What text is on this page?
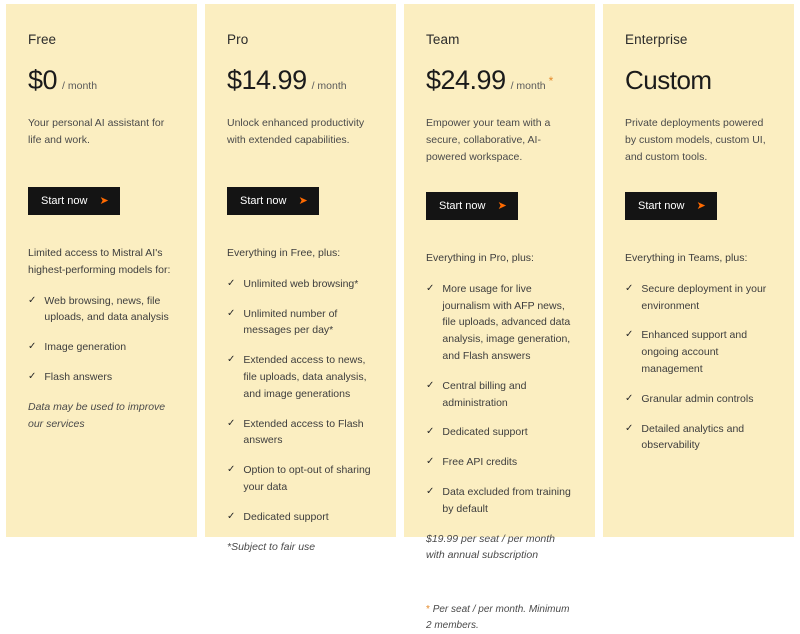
Free
$0 / month
Your personal AI assistant for life and work.
Start now ➤
Limited access to Mistral AI's highest-performing models for:
✓ Web browsing, news, file uploads, and data analysis
✓ Image generation
✓ Flash answers
Data may be used to improve our services
Pro
$14.99 / month
Unlock enhanced productivity with extended capabilities.
Start now ➤
Everything in Free, plus:
✓ Unlimited web browsing*
✓ Unlimited number of messages per day*
✓ Extended access to news, file uploads, data analysis, and image generations
✓ Extended access to Flash answers
✓ Option to opt-out of sharing your data
✓ Dedicated support
*Subject to fair use
Team
$24.99 / month *
Empower your team with a secure, collaborative, AI-powered workspace.
Start now ➤
Everything in Pro, plus:
✓ More usage for live journalism with AFP news, file uploads, advanced data analysis, image generation, and Flash answers
✓ Central billing and administration
✓ Dedicated support
✓ Free API credits
✓ Data excluded from training by default
$19.99 per seat / per month with annual subscription
* Per seat / per month. Minimum 2 members.
Enterprise
Custom
Private deployments powered by custom models, custom UI, and custom tools.
Start now ➤
Everything in Teams, plus:
✓ Secure deployment in your environment
✓ Enhanced support and ongoing account management
✓ Granular admin controls
✓ Detailed analytics and observability
